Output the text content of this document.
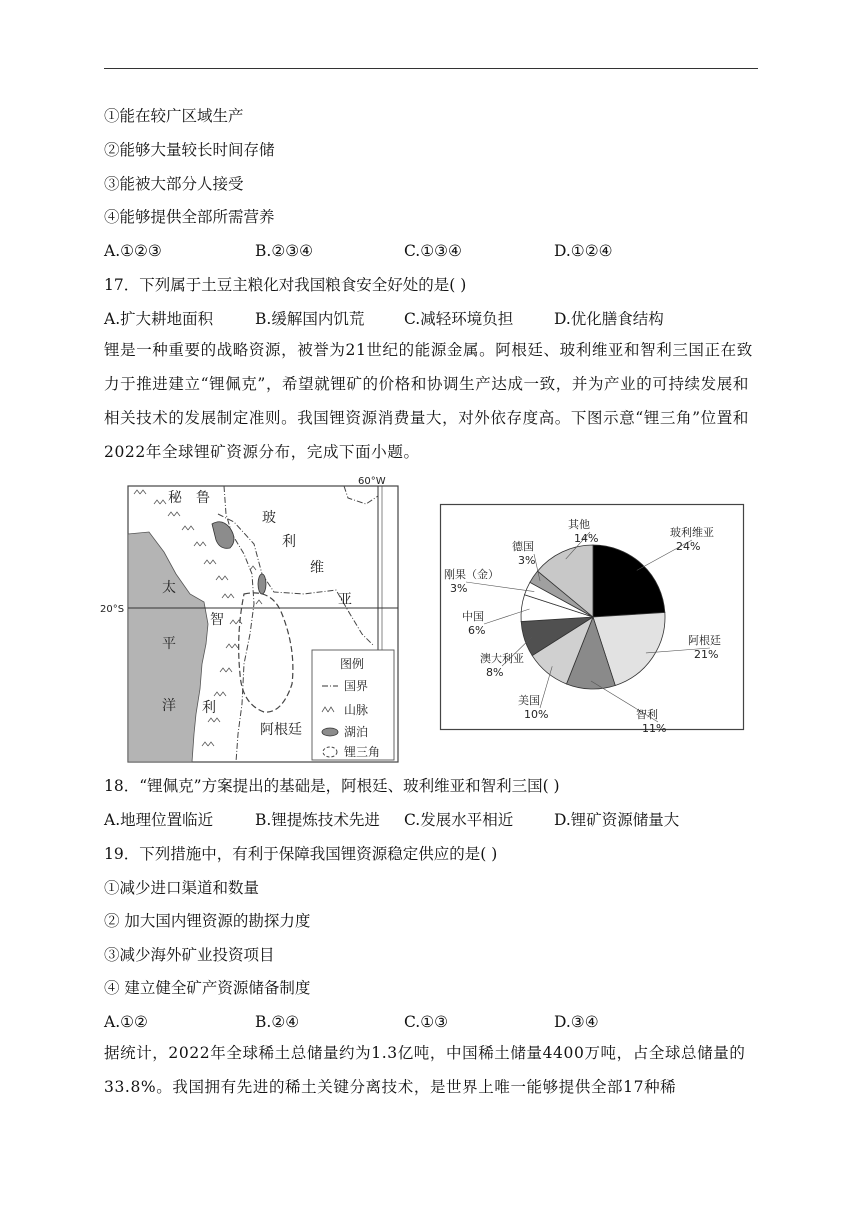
①能在较广区域生产
②能够大量较长时间存储
③能被大部分人接受
④能够提供全部所需营养
A.①②③	B.②③④	C.①③④	D.①②④
17．下列属于土豆主粮化对我国粮食安全好处的是( )
A.扩大耕地面积	B.缓解国内饥荒	C.减轻环境负担	D.优化膳食结构
锂是一种重要的战略资源，被誉为21世纪的能源金属。阿根廷、玻利维亚和智利三国正在致力于推进建立“锂佩克”，希望就锂矿的价格和协调生产达成一致，并为产业的可持续发展和相关技术的发展制定准则。我国锂资源消费量大，对外依存度高。下图示意“锂三角”位置和2022年全球锂矿资源分布，完成下面小题。
60°W
20°S
秘 鲁
玻
利
维
亚
太
平
洋
智
利
阿根廷
图例
国界
山脉
湖泊
锂三角
玻利维亚
24%
阿根廷
21%
智利
11%
美国
10%
澳大利亚
8%
中国
6%
刚果（金）
3%
德国
3%
其他
14%
18．“锂佩克”方案提出的基础是，阿根廷、玻利维亚和智利三国( )
A.地理位置临近	B.锂提炼技术先进 C.发展水平相近	D.锂矿资源储量大
19．下列措施中，有利于保障我国锂资源稳定供应的是( )
①减少进口渠道和数量
② 加大国内锂资源的勘探力度
③减少海外矿业投资项目
④ 建立健全矿产资源储备制度
A.①②	B.②④	C.①③	D.③④
据统计，2022年全球稀土总储量约为1.3亿吨，中国稀土储量4400万吨，占全球总储量的33.8%。我国拥有先进的稀土关键分离技术，是世界上唯一能够提供全部17种稀
